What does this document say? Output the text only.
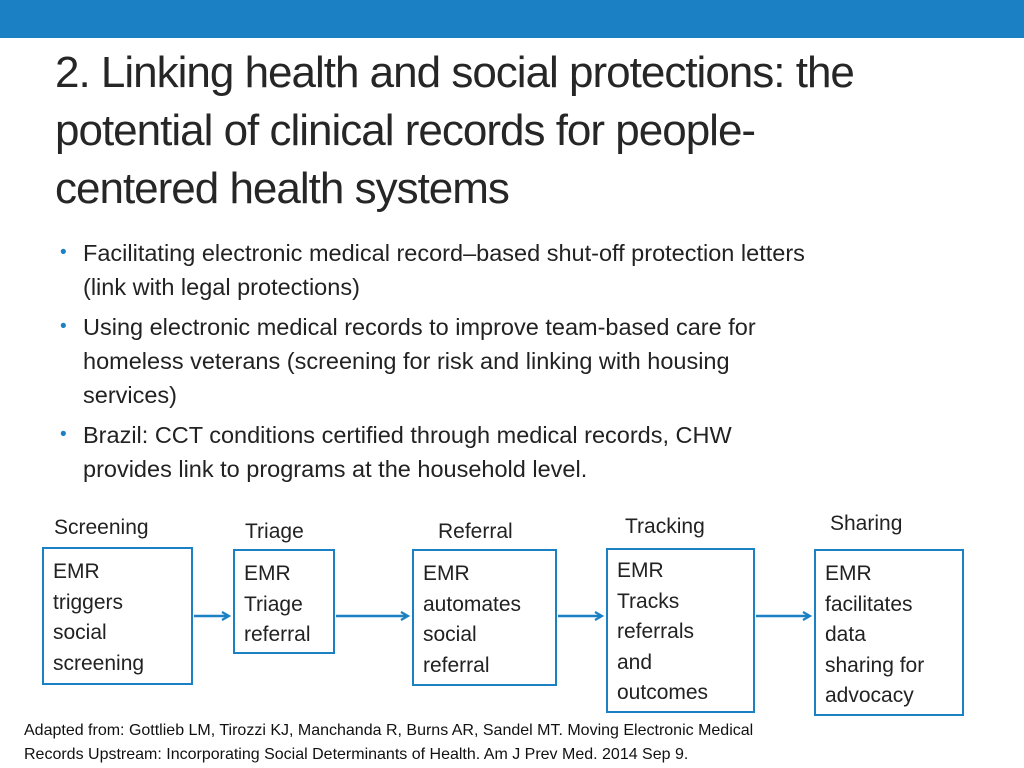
2. Linking health and social protections: the
potential of clinical records for people-
centered health systems
• Facilitating electronic medical record–based shut-off protection letters
(link with legal protections)
• Using electronic medical records to improve team-based care for
homeless veterans (screening for risk and linking with housing
services)
• Brazil: CCT conditions certified through medical records, CHW
provides link to programs at the household level.
Screening	Triage	Referral	Tracking	Sharing
EMR
triggers
social
screening
EMR
Triage
referral
EMR
automates
social
referral
EMR
Tracks
referrals
and
outcomes
EMR
facilitates
data
sharing for
advocacy
Adapted from: Gottlieb LM, Tirozzi KJ, Manchanda R, Burns AR, Sandel MT. Moving Electronic Medical
Records Upstream: Incorporating Social Determinants of Health. Am J Prev Med. 2014 Sep 9.
